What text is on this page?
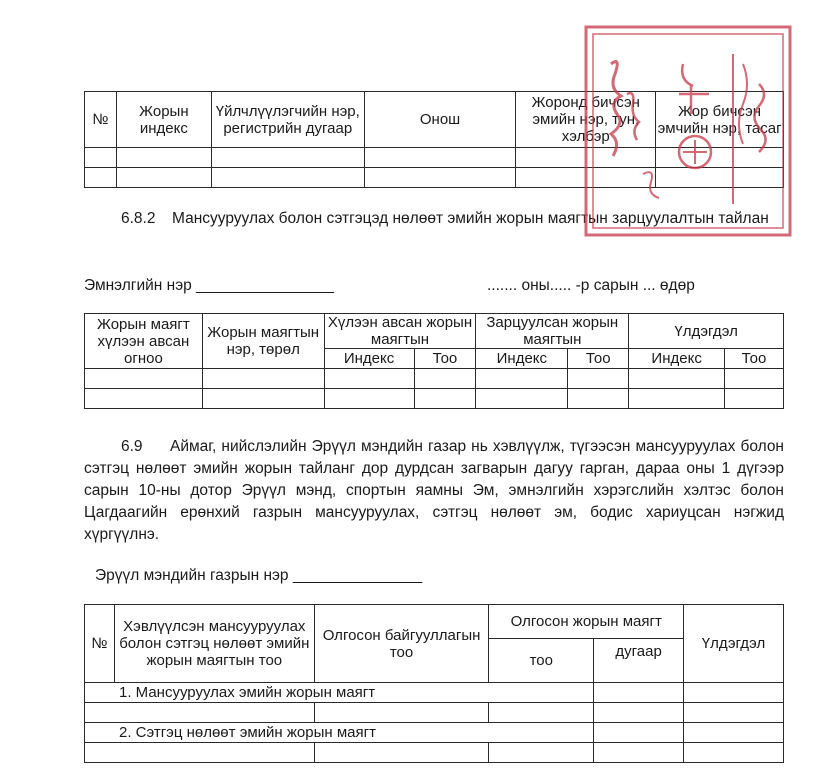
№	Жорын индекс	Үйлчлүүлэгчийн нэр, регистрийн дугаар	Онош	Жоронд бичсэн эмийн нэр, тун, хэлбэр	Жор бичсэн эмчийн нэр, тасаг

6.8.2 Мансууруулах болон сэтгэцэд нөлөөт эмийн жорын маягтын зарцуулалтын тайлан
Эмнэлгийн нэр ________________	....... оны..... -р сарын ... өдөр
Жорын маягт хүлээн авсан огноо	Жорын маягтын нэр, төрөл	Хүлээн авсан жорын маягтын		Зарцуулсан жорын маягтын		Үлдэгдэл	
		Индекс	Тоо	Индекс	Тоо	Индекс	Тоо

6.9	Аймаг, нийслэлийн Эрүүл мэндийн газар нь хэвлүүлж, түгээсэн мансууруулах болон сэтгэц нөлөөт эмийн жорын тайланг дор дурдсан загварын дагуу гарган, дараа оны 1 дүгээр сарын 10-ны дотор Эрүүл мэнд, спортын яамны Эм, эмнэлгийн хэрэгслийн хэлтэс болон Цагдаагийн ерөнхий газрын мансууруулах, сэтгэц нөлөөт эм, бодис хариуцсан нэгжид хүргүүлнэ.
Эрүүл мэндийн газрын нэр _______________
№	Хэвлүүлсэн мансууруулах болон сэтгэц нөлөөт эмийн жорын маягтын тоо	Олгосон байгууллагын тоо	Олгосон жорын маягт		Үлдэгдэл
			тоо	дугаар	
1. Мансууруулах эмийн жорын маягт					

2. Сэтгэц нөлөөт эмийн жорын маягт					
